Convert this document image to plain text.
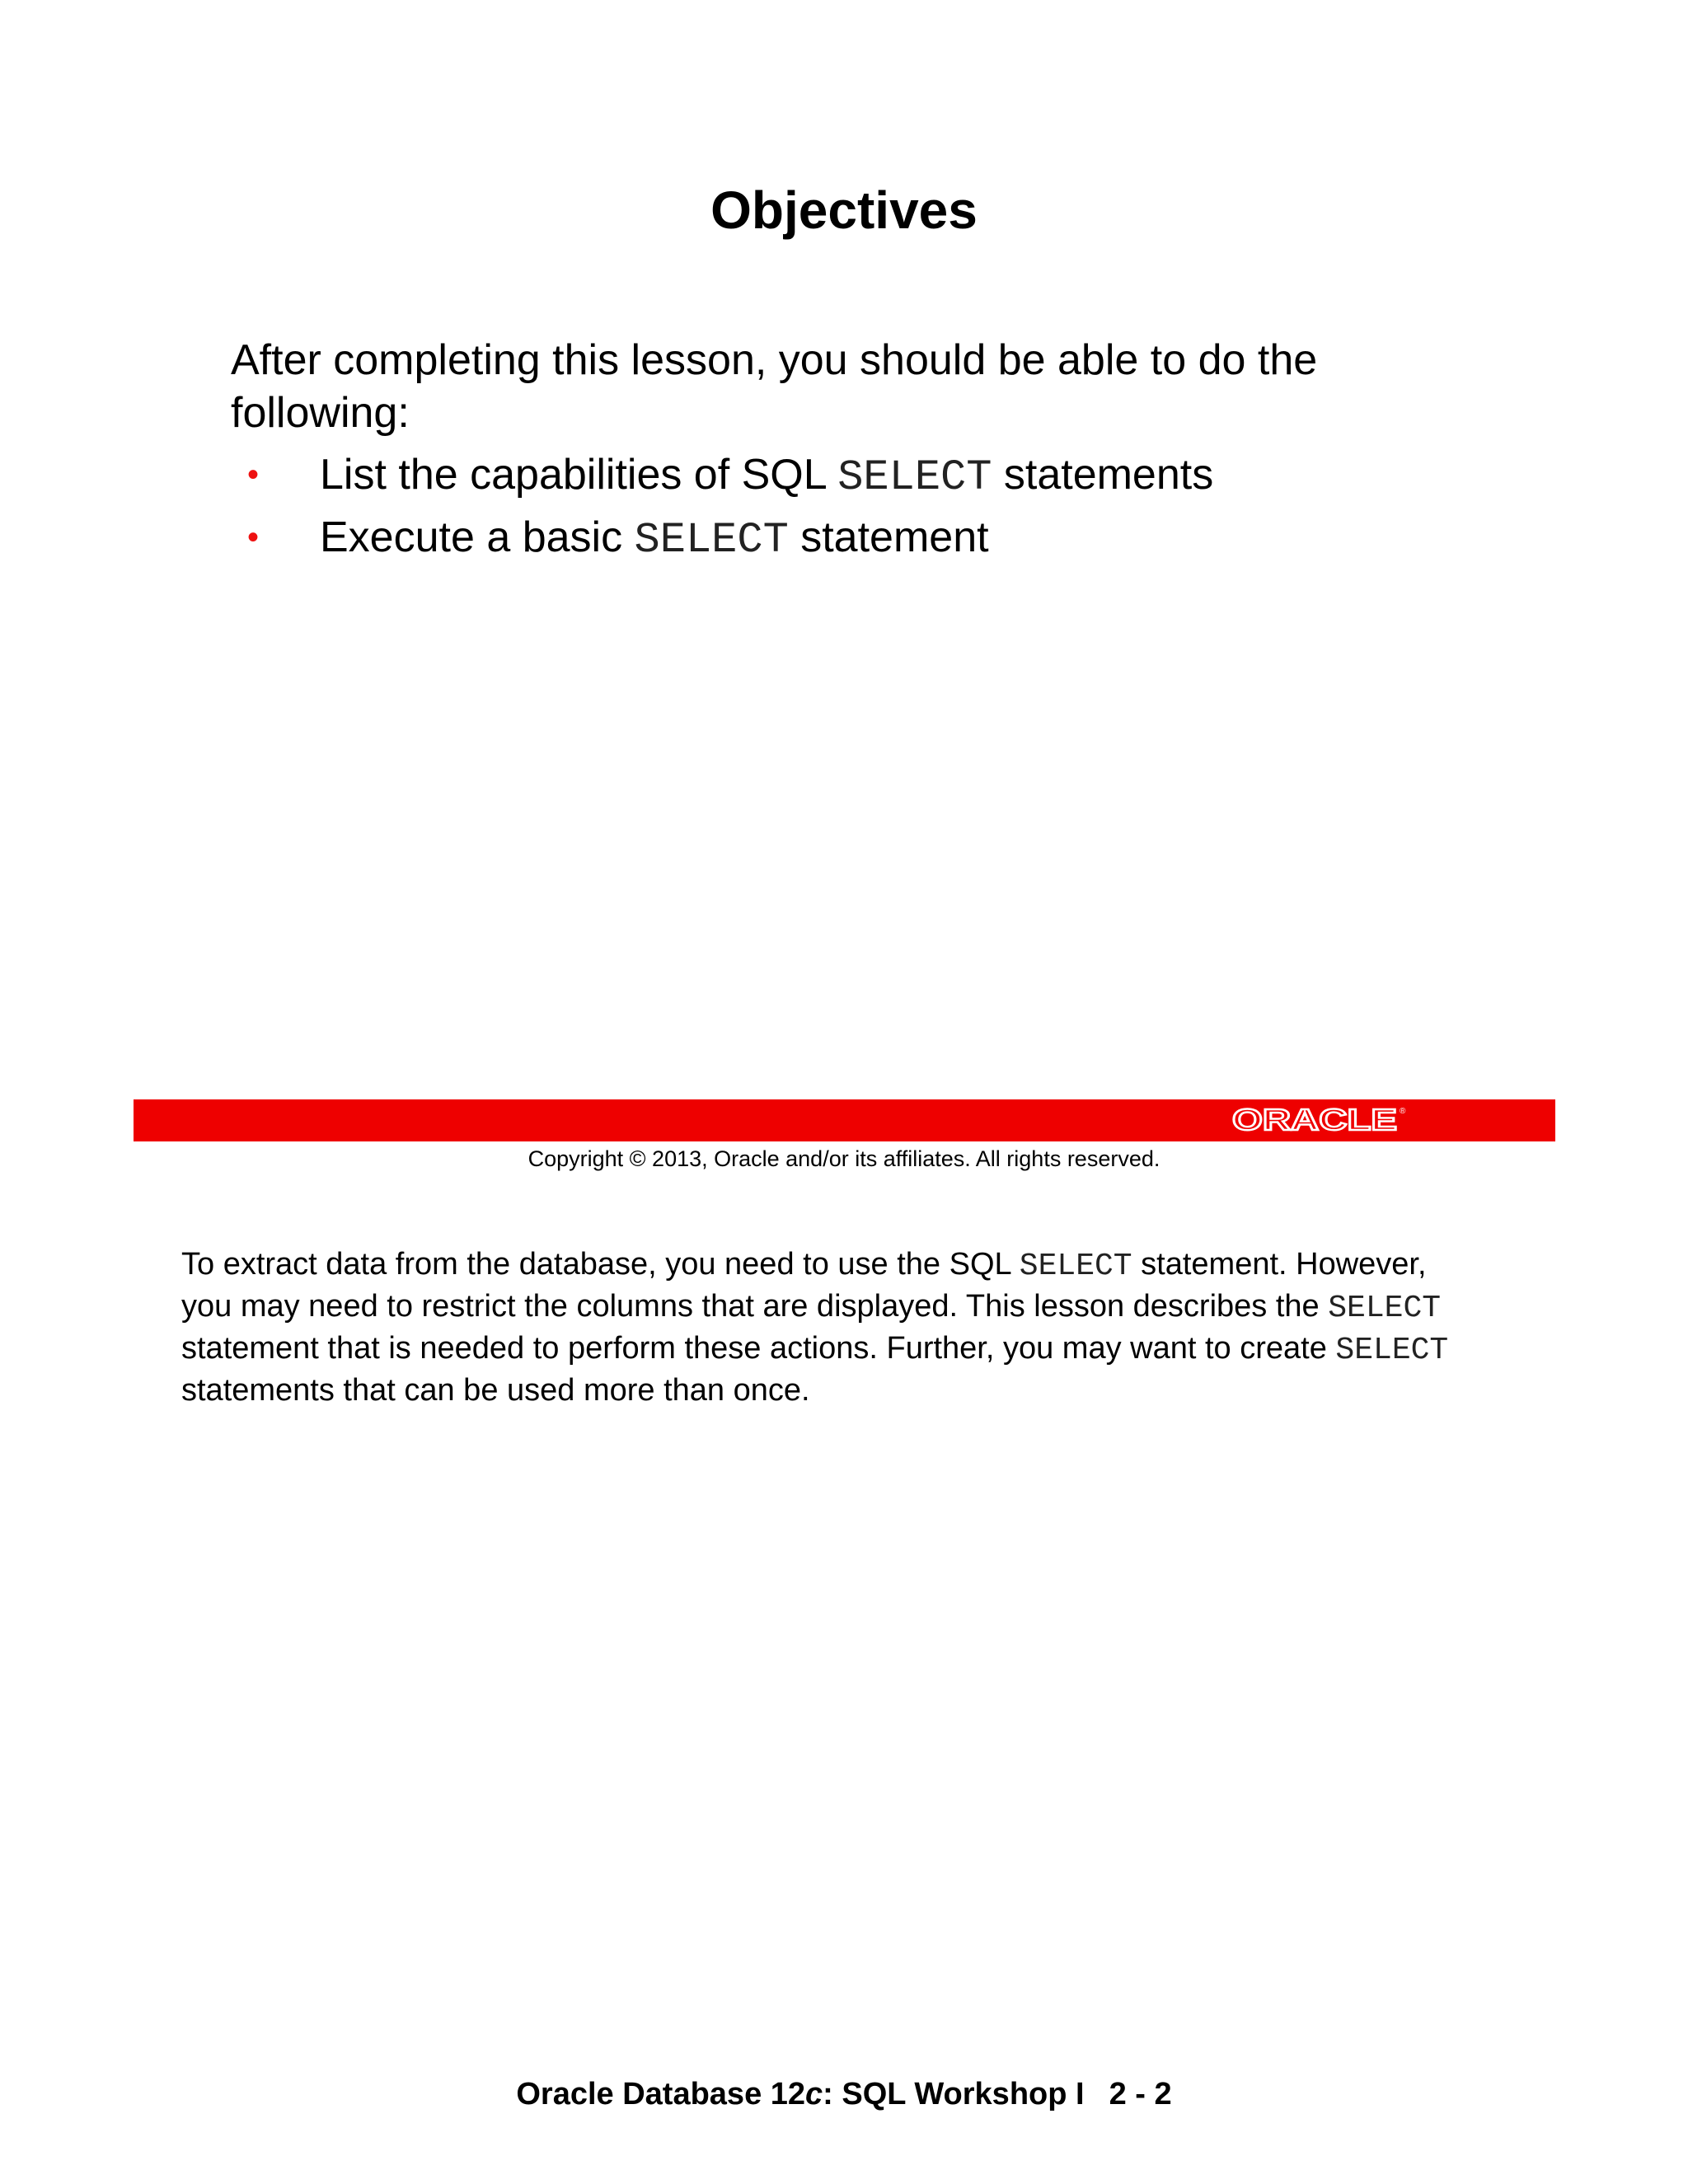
Objectives
After completing this lesson, you should be able to do the following:
• List the capabilities of SQL SELECT statements
• Execute a basic SELECT statement
ORACLE ®
Copyright © 2013, Oracle and/or its affiliates. All rights reserved.
To extract data from the database, you need to use the SQL SELECT statement. However,
you may need to restrict the columns that are displayed. This lesson describes the SELECT
statement that is needed to perform these actions. Further, you may want to create SELECT
statements that can be used more than once.
Oracle Database 12c: SQL Workshop I 2 - 2
